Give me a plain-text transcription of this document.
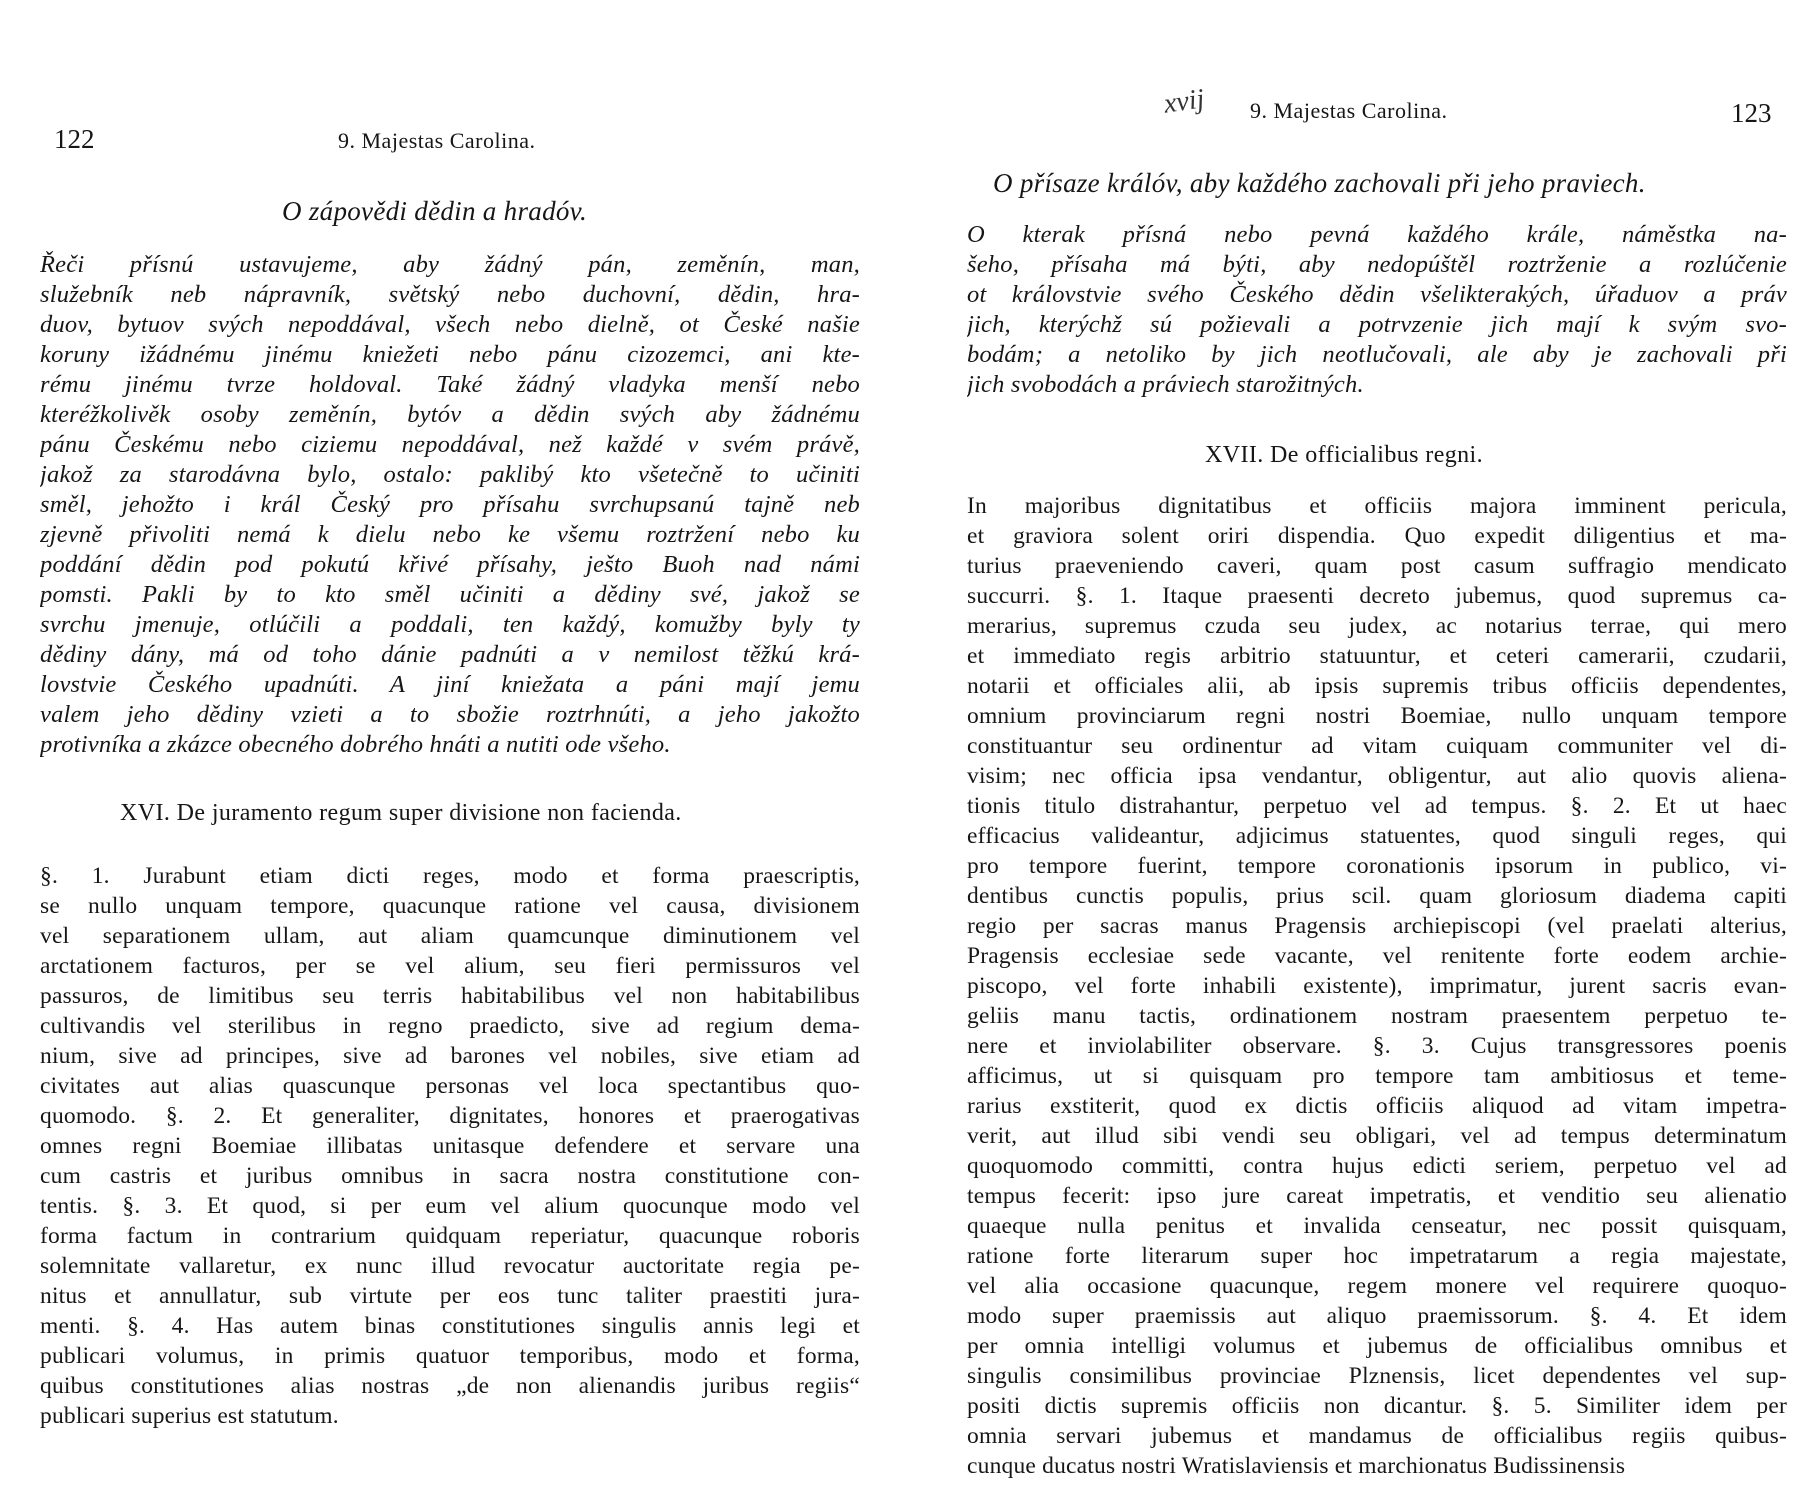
122	9. Majestas Carolina.
O zápovědi dědin a hradóv.
Řeči přísnú ustavujeme, aby žádný pán, zeměnín, man,
služebník neb nápravník, světský nebo duchovní, dědin, hra-
duov, bytuov svých nepoddával, všech nebo dielně, ot České našie
koruny ižádnému jinému kniežeti nebo pánu cizozemci, ani kte-
rému jinému tvrze holdoval. Také žádný vladyka menší nebo
kteréžkolivěk osoby zeměnín, bytóv a dědin svých aby žádnému
pánu Českému nebo ciziemu nepoddával, než každé v svém právě,
jakož za starodávna bylo, ostalo: paklibý kto všetečně to učiniti
směl, jehožto i král Český pro přísahu svrchupsanú tajně neb
zjevně přivoliti nemá k dielu nebo ke všemu roztržení nebo ku
poddání dědin pod pokutú křivé přísahy, ješto Buoh nad námi
pomsti. Pakli by to kto směl učiniti a dědiny své, jakož se
svrchu jmenuje, otlúčili a poddali, ten každý, komužby byly ty
dědiny dány, má od toho dánie padnúti a v nemilost těžkú krá-
lovstvie Českého upadnúti. A jiní kniežata a páni mají jemu
valem jeho dědiny vzieti a to sbožie roztrhnúti, a jeho jakožto
protivníka a zkázce obecného dobrého hnáti a nutiti ode všeho.
XVI. De juramento regum super divisione non facienda.
§. 1. Jurabunt etiam dicti reges, modo et forma praescriptis,
se nullo unquam tempore, quacunque ratione vel causa, divisionem
vel separationem ullam, aut aliam quamcunque diminutionem vel
arctationem facturos, per se vel alium, seu fieri permissuros vel
passuros, de limitibus seu terris habitabilibus vel non habitabilibus
cultivandis vel sterilibus in regno praedicto, sive ad regium dema-
nium, sive ad principes, sive ad barones vel nobiles, sive etiam ad
civitates aut alias quascunque personas vel loca spectantibus quo-
quomodo. §. 2. Et generaliter, dignitates, honores et praerogativas
omnes regni Boemiae illibatas unitasque defendere et servare una
cum castris et juribus omnibus in sacra nostra constitutione con-
tentis. §. 3. Et quod, si per eum vel alium quocunque modo vel
forma factum in contrarium quidquam reperiatur, quacunque roboris
solemnitate vallaretur, ex nunc illud revocatur auctoritate regia pe-
nitus et annullatur, sub virtute per eos tunc taliter praestiti jura-
menti. §. 4. Has autem binas constitutiones singulis annis legi et
publicari volumus, in primis quatuor temporibus, modo et forma,
quibus constitutiones alias nostras „de non alienandis juribus regiis“
publicari superius est statutum.
xvij 9. Majestas Carolina.	123
O přísaze králóv, aby každého zachovali při jeho praviech.
O kterak přísná nebo pevná každého krále, náměstka na-
šeho, přísaha má býti, aby nedopúštěl roztrženie a rozlúčenie
ot královstvie svého Českého dědin všelikterakých, úřaduov a práv
jich, kterýchž sú požievali a potrvzenie jich mají k svým svo-
bodám; a netoliko by jich neotlučovali, ale aby je zachovali při
jich svobodách a práviech starožitných.
XVII. De officialibus regni.
In majoribus dignitatibus et officiis majora imminent pericula,
et graviora solent oriri dispendia. Quo expedit diligentius et ma-
turius praeveniendo caveri, quam post casum suffragio mendicato
succurri. §. 1. Itaque praesenti decreto jubemus, quod supremus ca-
merarius, supremus czuda seu judex, ac notarius terrae, qui mero
et immediato regis arbitrio statuuntur, et ceteri camerarii, czudarii,
notarii et officiales alii, ab ipsis supremis tribus officiis dependentes,
omnium provinciarum regni nostri Boemiae, nullo unquam tempore
constituantur seu ordinentur ad vitam cuiquam communiter vel di-
visim; nec officia ipsa vendantur, obligentur, aut alio quovis aliena-
tionis titulo distrahantur, perpetuo vel ad tempus. §. 2. Et ut haec
efficacius valideantur, adjicimus statuentes, quod singuli reges, qui
pro tempore fuerint, tempore coronationis ipsorum in publico, vi-
dentibus cunctis populis, prius scil. quam gloriosum diadema capiti
regio per sacras manus Pragensis archiepiscopi (vel praelati alterius,
Pragensis ecclesiae sede vacante, vel renitente forte eodem archie-
piscopo, vel forte inhabili existente), imprimatur, jurent sacris evan-
geliis manu tactis, ordinationem nostram praesentem perpetuo te-
nere et inviolabiliter observare. §. 3. Cujus transgressores poenis
afficimus, ut si quisquam pro tempore tam ambitiosus et teme-
rarius exstiterit, quod ex dictis officiis aliquod ad vitam impetra-
verit, aut illud sibi vendi seu obligari, vel ad tempus determinatum
quoquomodo committi, contra hujus edicti seriem, perpetuo vel ad
tempus fecerit: ipso jure careat impetratis, et venditio seu alienatio
quaeque nulla penitus et invalida censeatur, nec possit quisquam,
ratione forte literarum super hoc impetratarum a regia majestate,
vel alia occasione quacunque, regem monere vel requirere quoquo-
modo super praemissis aut aliquo praemissorum. §. 4. Et idem
per omnia intelligi volumus et jubemus de officialibus omnibus et
singulis consimilibus provinciae Plznensis, licet dependentes vel sup-
positi dictis supremis officiis non dicantur. §. 5. Similiter idem per
omnia servari jubemus et mandamus de officialibus regiis quibus-
cunque ducatus nostri Wratislaviensis et marchionatus Budissinensis
